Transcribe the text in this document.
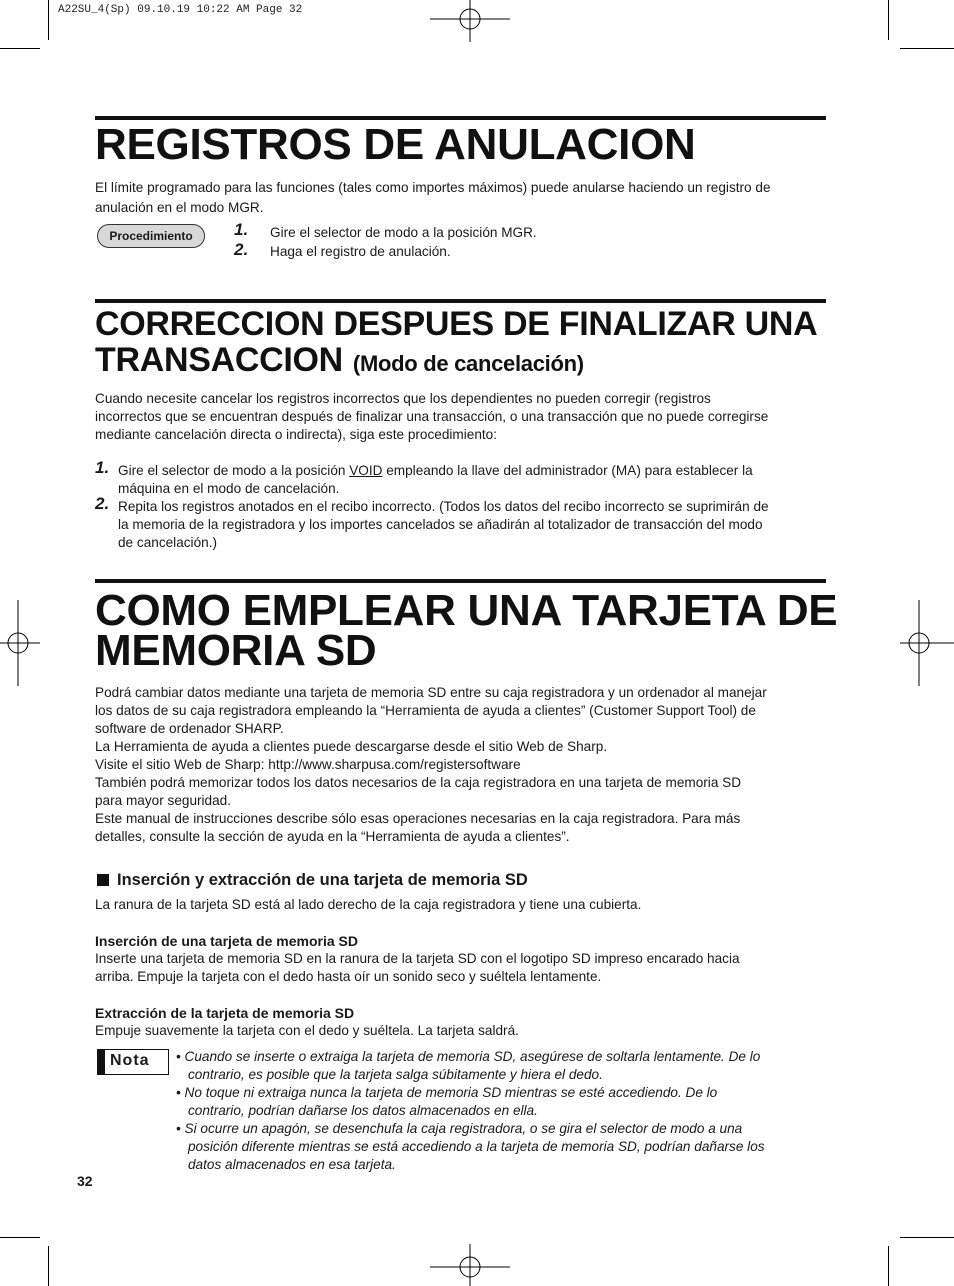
A22SU_4(Sp) 09.10.19 10:22 AM Page 32
REGISTROS DE ANULACION
El límite programado para las funciones (tales como importes máximos) puede anularse haciendo un registro de
anulación en el modo MGR.
Procedimiento	1. Gire el selector de modo a la posición MGR.
2. Haga el registro de anulación.
CORRECCION DESPUES DE FINALIZAR UNA
TRANSACCION (Modo de cancelación)
Cuando necesite cancelar los registros incorrectos que los dependientes no pueden corregir (registros
incorrectos que se encuentran después de finalizar una transacción, o una transacción que no puede corregirse
mediante cancelación directa o indirecta), siga este procedimiento:
1. Gire el selector de modo a la posición VOID empleando la llave del administrador (MA) para establecer la
máquina en el modo de cancelación.
2. Repita los registros anotados en el recibo incorrecto. (Todos los datos del recibo incorrecto se suprimirán de
la memoria de la registradora y los importes cancelados se añadirán al totalizador de transacción del modo
de cancelación.)
COMO EMPLEAR UNA TARJETA DE
MEMORIA SD
Podrá cambiar datos mediante una tarjeta de memoria SD entre su caja registradora y un ordenador al manejar
los datos de su caja registradora empleando la “Herramienta de ayuda a clientes” (Customer Support Tool) de
software de ordenador SHARP.
La Herramienta de ayuda a clientes puede descargarse desde el sitio Web de Sharp.
Visite el sitio Web de Sharp: http://www.sharpusa.com/registersoftware
También podrá memorizar todos los datos necesarios de la caja registradora en una tarjeta de memoria SD
para mayor seguridad.
Este manual de instrucciones describe sólo esas operaciones necesarias en la caja registradora. Para más
detalles, consulte la sección de ayuda en la “Herramienta de ayuda a clientes”.
Inserción y extracción de una tarjeta de memoria SD
La ranura de la tarjeta SD está al lado derecho de la caja registradora y tiene una cubierta.
Inserción de una tarjeta de memoria SD
Inserte una tarjeta de memoria SD en la ranura de la tarjeta SD con el logotipo SD impreso encarado hacia
arriba. Empuje la tarjeta con el dedo hasta oír un sonido seco y suéltela lentamente.
Extracción de la tarjeta de memoria SD
Empuje suavemente la tarjeta con el dedo y suéltela. La tarjeta saldrá.
Nota • Cuando se inserte o extraiga la tarjeta de memoria SD, asegúrese de soltarla lentamente. De lo
contrario, es posible que la tarjeta salga súbitamente y hiera el dedo.
• No toque ni extraiga nunca la tarjeta de memoria SD mientras se esté accediendo. De lo
contrario, podrían dañarse los datos almacenados en ella.
• Si ocurre un apagón, se desenchufa la caja registradora, o se gira el selector de modo a una
posición diferente mientras se está accediendo a la tarjeta de memoria SD, podrían dañarse los
datos almacenados en esa tarjeta.
32
